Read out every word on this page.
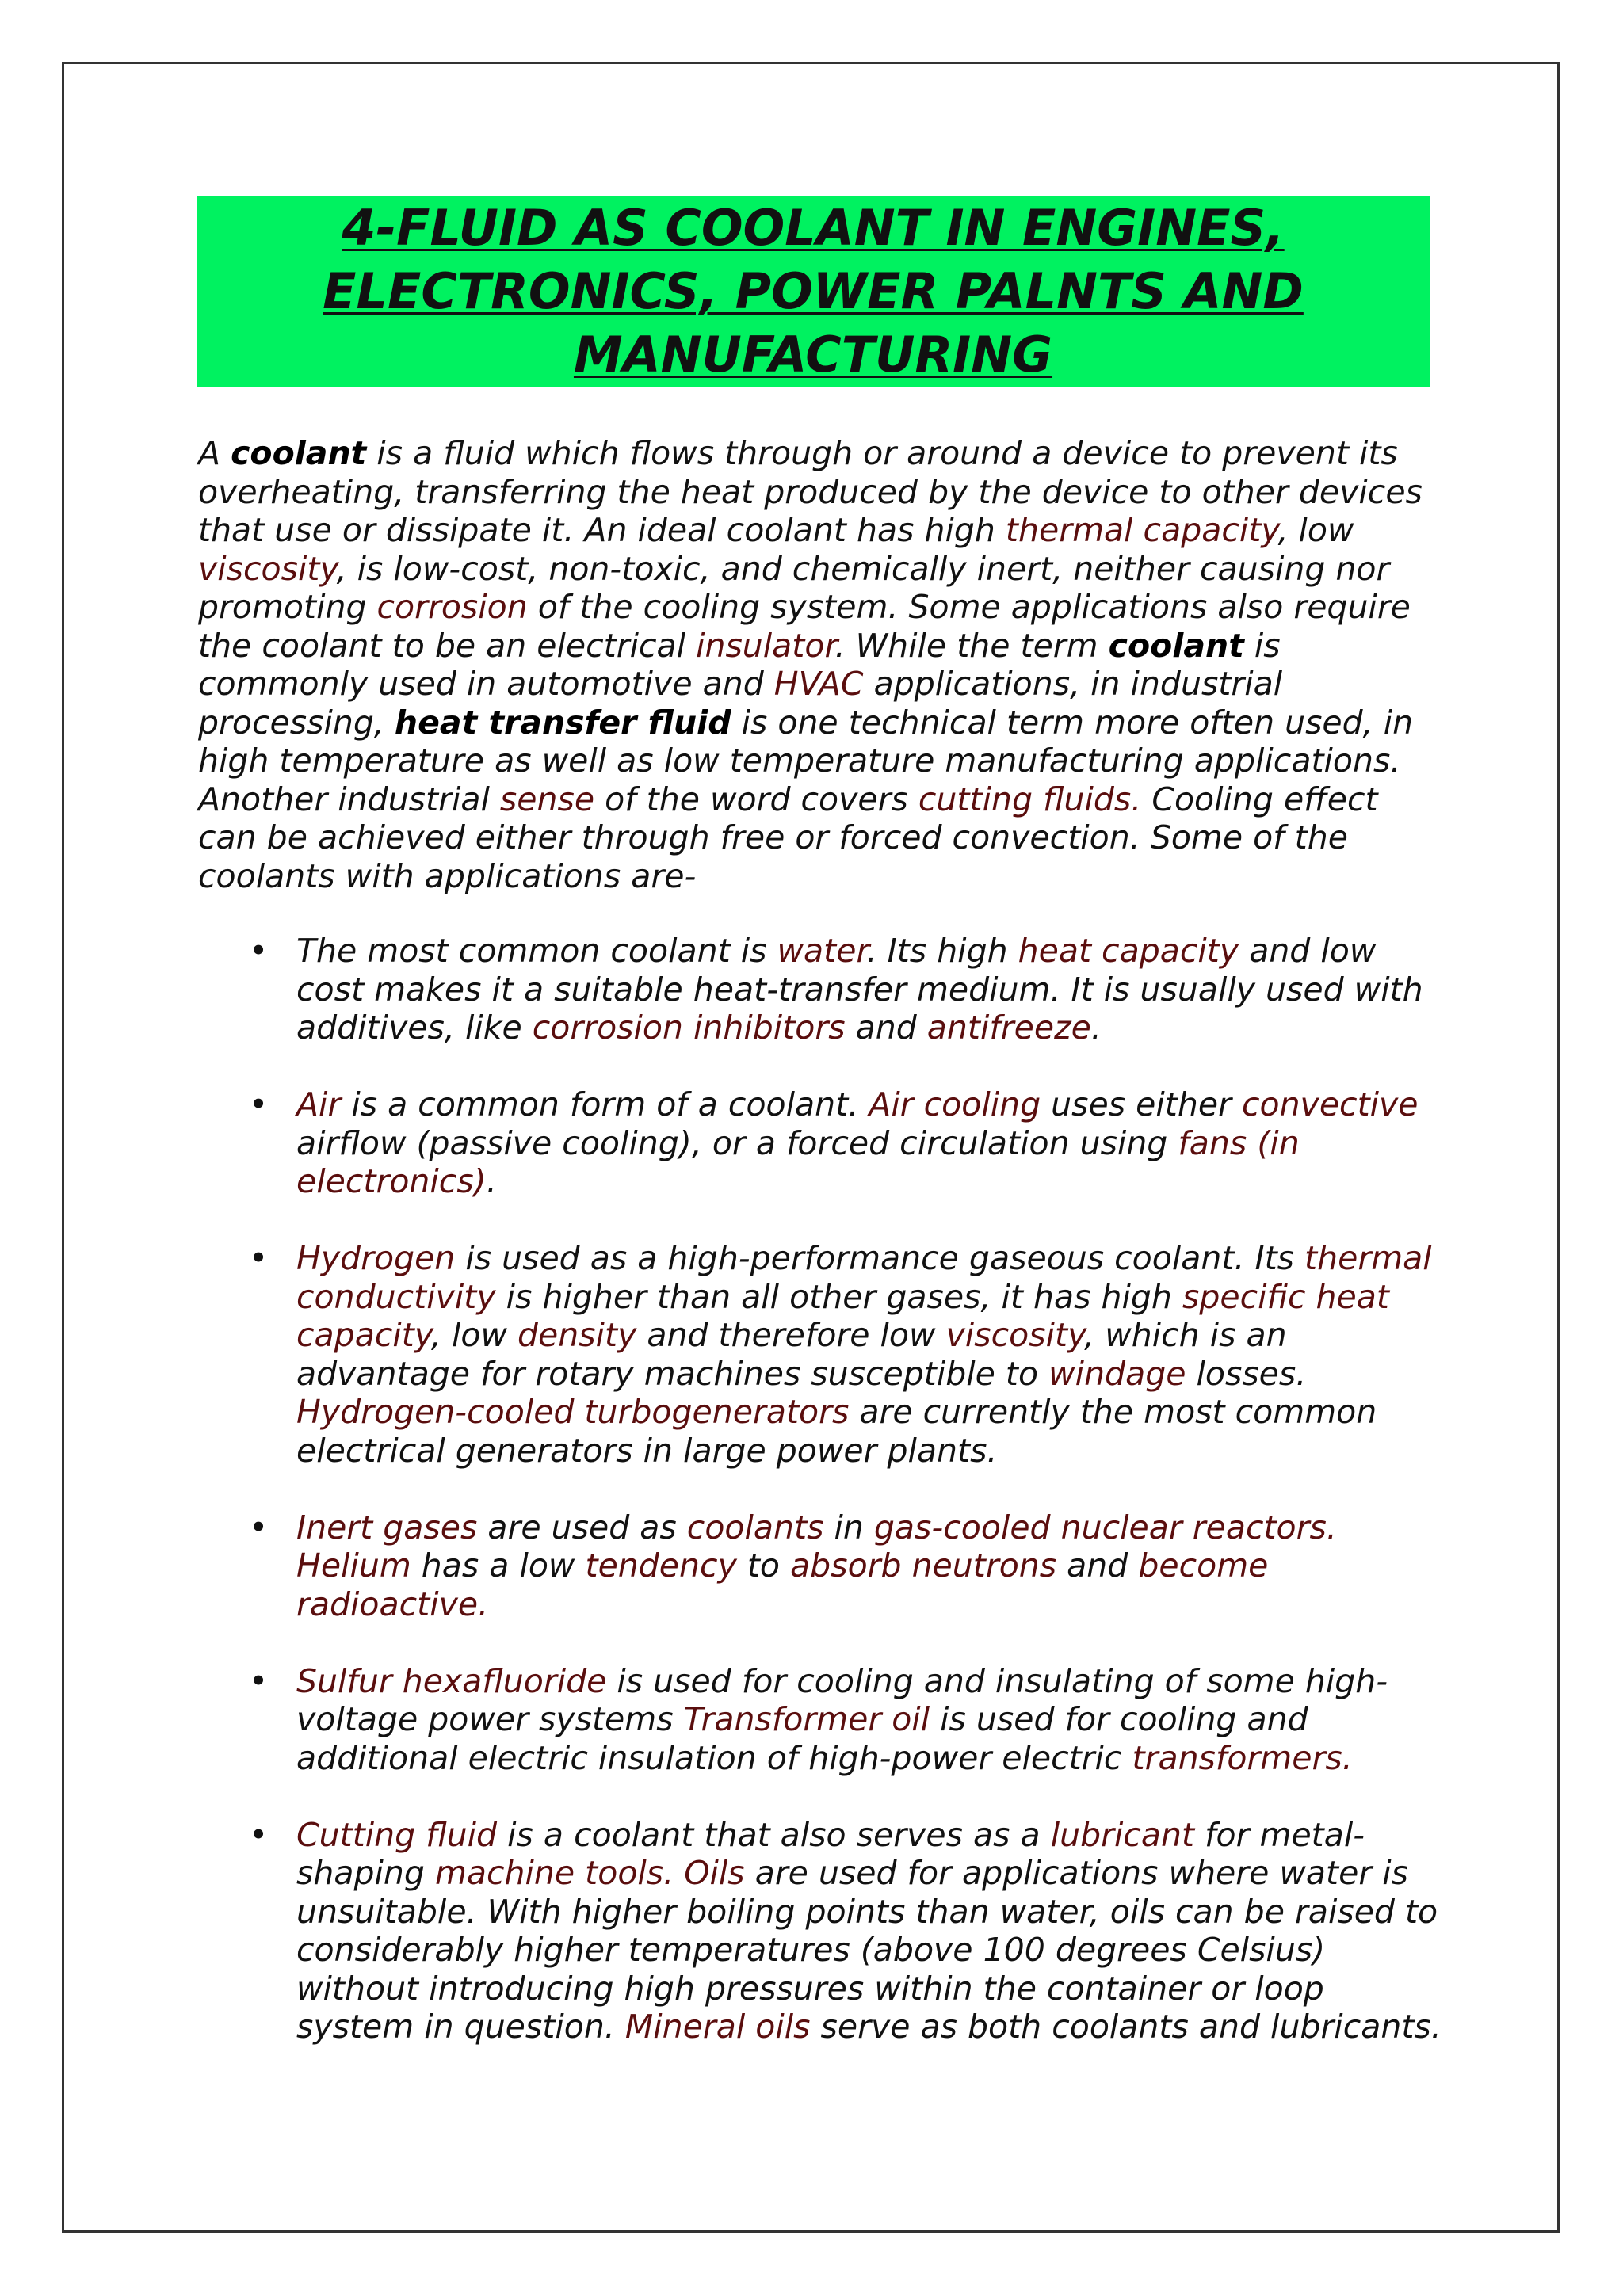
4-FLUID AS COOLANT IN ENGINES,
ELECTRONICS, POWER PALNTS AND
MANUFACTURING

A coolant is a fluid which flows through or around a device to prevent its overheating, transferring the heat produced by the device to other devices that use or dissipate it. An ideal coolant has high thermal capacity, low viscosity, is low-cost, non-toxic, and chemically inert, neither causing nor promoting corrosion of the cooling system. Some applications also require the coolant to be an electrical insulator. While the term coolant is commonly used in automotive and HVAC applications, in industrial processing, heat transfer fluid is one technical term more often used, in high temperature as well as low temperature manufacturing applications. Another industrial sense of the word covers cutting fluids. Cooling effect can be achieved either through free or forced convection. Some of the coolants with applications are-

• The most common coolant is water. Its high heat capacity and low cost makes it a suitable heat-transfer medium. It is usually used with additives, like corrosion inhibitors and antifreeze.
• Air is a common form of a coolant. Air cooling uses either convective airflow (passive cooling), or a forced circulation using fans (in electronics).
• Hydrogen is used as a high-performance gaseous coolant. Its thermal conductivity is higher than all other gases, it has high specific heat capacity, low density and therefore low viscosity, which is an advantage for rotary machines susceptible to windage losses. Hydrogen-cooled turbogenerators are currently the most common electrical generators in large power plants.
• Inert gases are used as coolants in gas-cooled nuclear reactors. Helium has a low tendency to absorb neutrons and become radioactive.
• Sulfur hexafluoride is used for cooling and insulating of some high-voltage power systems Transformer oil is used for cooling and additional electric insulation of high-power electric transformers.
• Cutting fluid is a coolant that also serves as a lubricant for metal-shaping machine tools. Oils are used for applications where water is unsuitable. With higher boiling points than water, oils can be raised to considerably higher temperatures (above 100 degrees Celsius) without introducing high pressures within the container or loop system in question. Mineral oils serve as both coolants and lubricants.
